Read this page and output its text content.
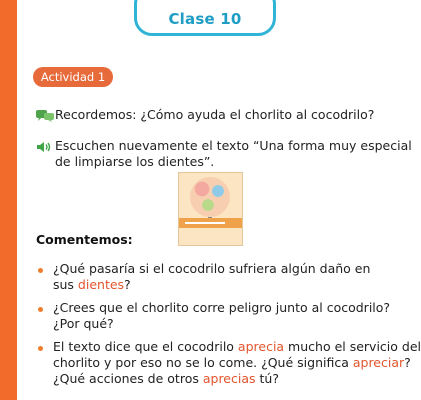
Clase 10
Actividad 1
Recordemos: ¿Cómo ayuda el chorlito al cocodrilo?
Escuchen nuevamente el texto “Una forma muy especial
de limpiarse los dientes”.
Comentemos:
¿Qué pasaría si el cocodrilo sufriera algún daño en
sus dientes?
¿Crees que el chorlito corre peligro junto al cocodrilo?
¿Por qué?
El texto dice que el cocodrilo aprecia mucho el servicio del
chorlito y por eso no se lo come. ¿Qué significa apreciar?
¿Qué acciones de otros aprecias tú?
